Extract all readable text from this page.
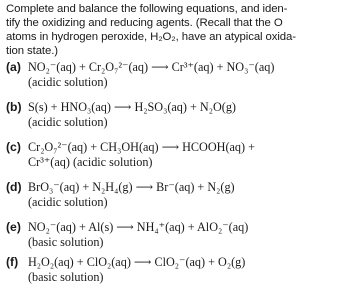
Complete and balance the following equations, and iden-
tify the oxidizing and reducing agents. (Recall that the O
atoms in hydrogen peroxide, H₂O₂, have an atypical oxida-
tion state.)
(a) NO₂⁻(aq) + Cr₂O₇²⁻(aq) ⟶ Cr³⁺(aq) + NO₃⁻(aq)
(acidic solution)
(b) S(s) + HNO₃(aq) ⟶ H₂SO₃(aq) + N₂O(g)
(acidic solution)
(c) Cr₂O₇²⁻(aq) + CH₃OH(aq) ⟶ HCOOH(aq) +
Cr³⁺(aq) (acidic solution)
(d) BrO₃⁻(aq) + N₂H₄(g) ⟶ Br⁻(aq) + N₂(g)
(acidic solution)
(e) NO₂⁻(aq) + Al(s) ⟶ NH₄⁺(aq) + AlO₂⁻(aq)
(basic solution)
(f) H₂O₂(aq) + ClO₂(aq) ⟶ ClO₂⁻(aq) + O₂(g)
(basic solution)
